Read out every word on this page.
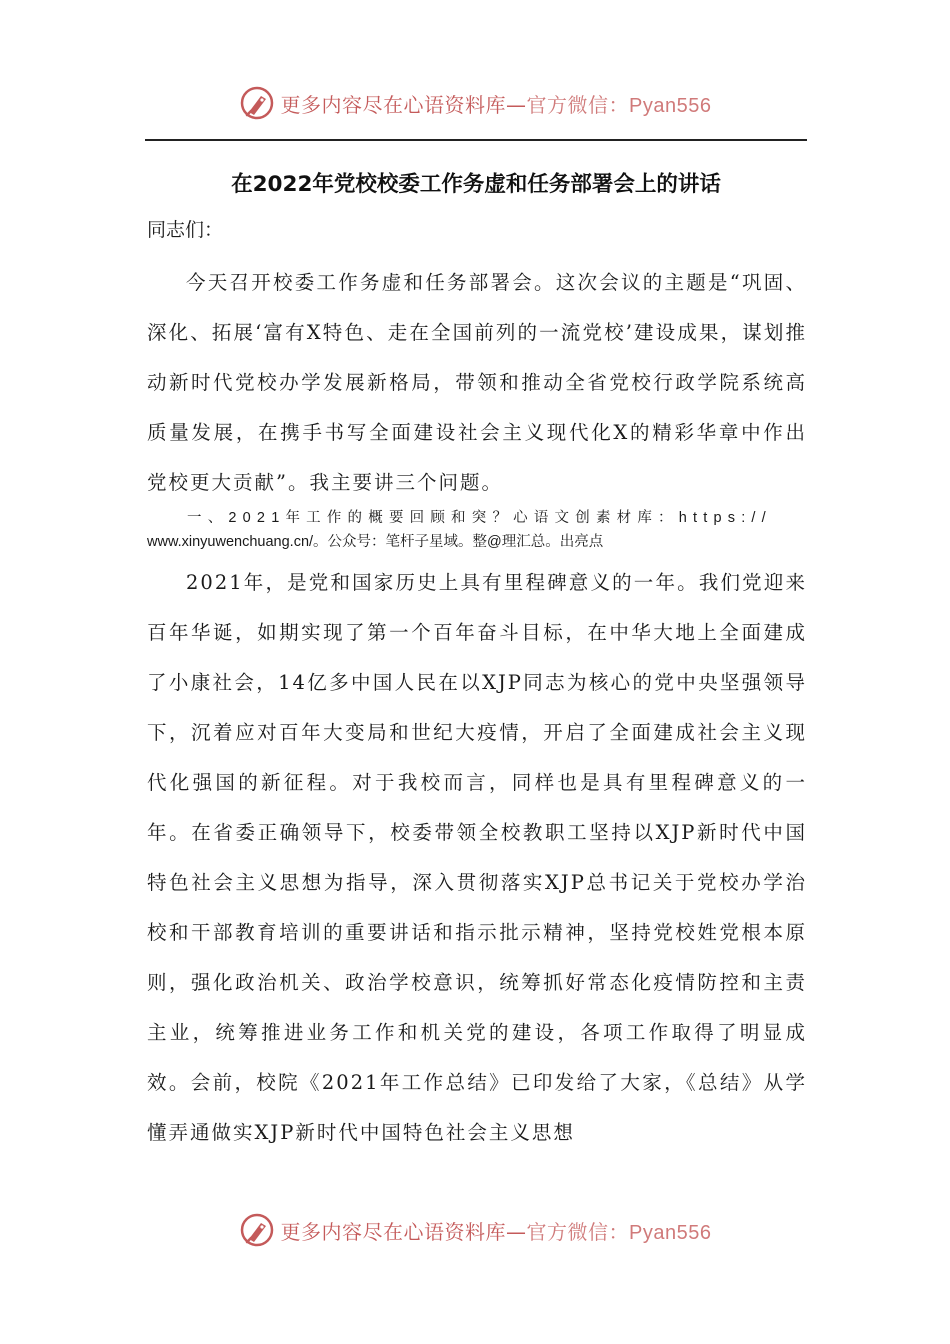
更多内容尽在心语资料库—官方微信：Pyan556
在2022年党校校委工作务虚和任务部署会上的讲话

同志们：

今天召开校委工作务虚和任务部署会。这次会议的主题是“巩固、深化、拓展‘富有X特色、走在全国前列的一流党校’建设成果，谋划推动新时代党校办学发展新格局，带领和推动全省党校行政学院系统高质量发展，在携手书写全面建设社会主义现代化X的精彩华章中作出党校更大贡献”。我主要讲三个问题。

一、2021年工作的概要回顾和突？心语文创素材库：https://
www.xinyuwenchuang.cn/。公众号：笔杆子星域。整@理汇总。出亮点

2021年，是党和国家历史上具有里程碑意义的一年。我们党迎来百年华诞，如期实现了第一个百年奋斗目标，在中华大地上全面建成了小康社会，14亿多中国人民在以XJP同志为核心的党中央坚强领导下，沉着应对百年大变局和世纪大疫情，开启了全面建成社会主义现代化强国的新征程。对于我校而言，同样也是具有里程碑意义的一年。在省委正确领导下，校委带领全校教职工坚持以XJP新时代中国特色社会主义思想为指导，深入贯彻落实XJP总书记关于党校办学治校和干部教育培训的重要讲话和指示批示精神，坚持党校姓党根本原则，强化政治机关、政治学校意识，统筹抓好常态化疫情防控和主责主业，统筹推进业务工作和机关党的建设，各项工作取得了明显成效。会前，校院《2021年工作总结》已印发给了大家，《总结》从学懂弄通做实XJP新时代中国特色社会主义思想

更多内容尽在心语资料库—官方微信：Pyan556
